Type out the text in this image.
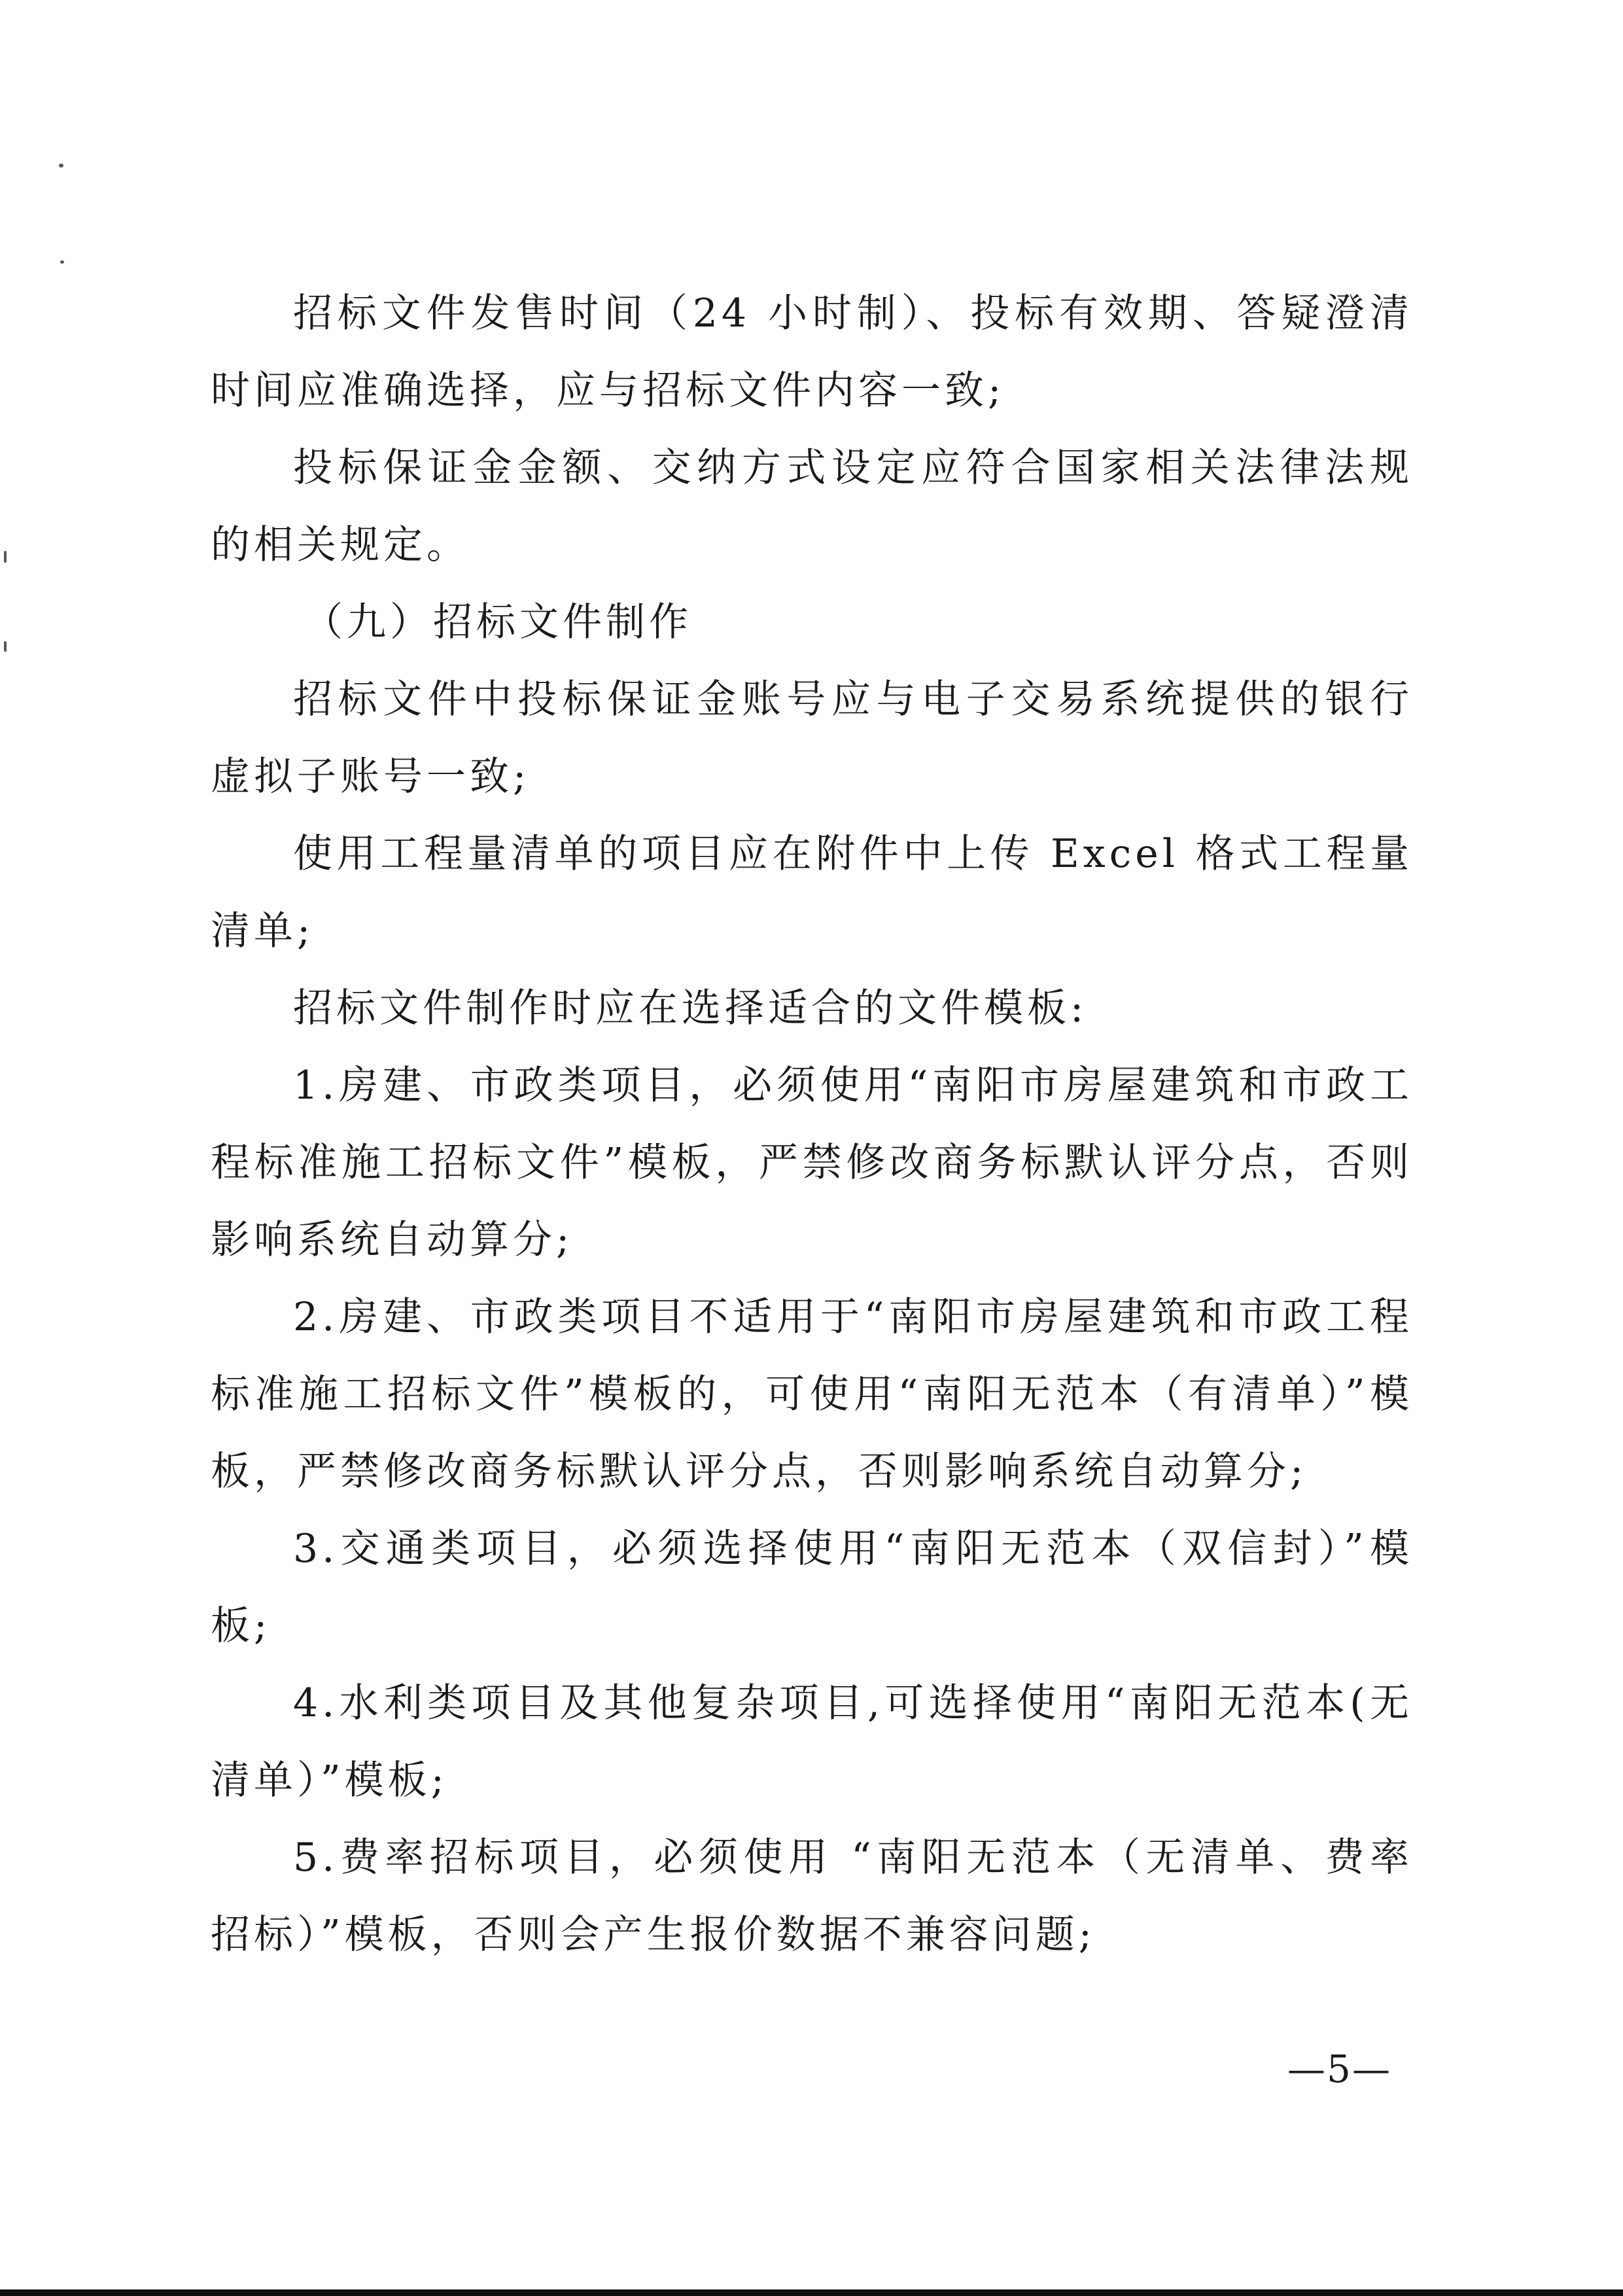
招标文件发售时间（24 小时制）、投标有效期、答疑澄清时间应准确选择，应与招标文件内容一致;

投标保证金金额、交纳方式设定应符合国家相关法律法规的相关规定。

（九）招标文件制作

招标文件中投标保证金账号应与电子交易系统提供的银行虚拟子账号一致;

使用工程量清单的项目应在附件中上传 Excel 格式工程量清单;

招标文件制作时应在选择适合的文件模板:

1.房建、市政类项目，必须使用“南阳市房屋建筑和市政工程标准施工招标文件”模板，严禁修改商务标默认评分点，否则影响系统自动算分;

2.房建、市政类项目不适用于“南阳市房屋建筑和市政工程标准施工招标文件”模板的，可使用“南阳无范本（有清单）”模板，严禁修改商务标默认评分点，否则影响系统自动算分;

3.交通类项目，必须选择使用“南阳无范本（双信封）”模板;

4.水利类项目及其他复杂项目,可选择使用“南阳无范本(无清单）”模板;

5.费率招标项目，必须使用 “南阳无范本（无清单、费率招标）”模板，否则会产生报价数据不兼容问题;

—5—
